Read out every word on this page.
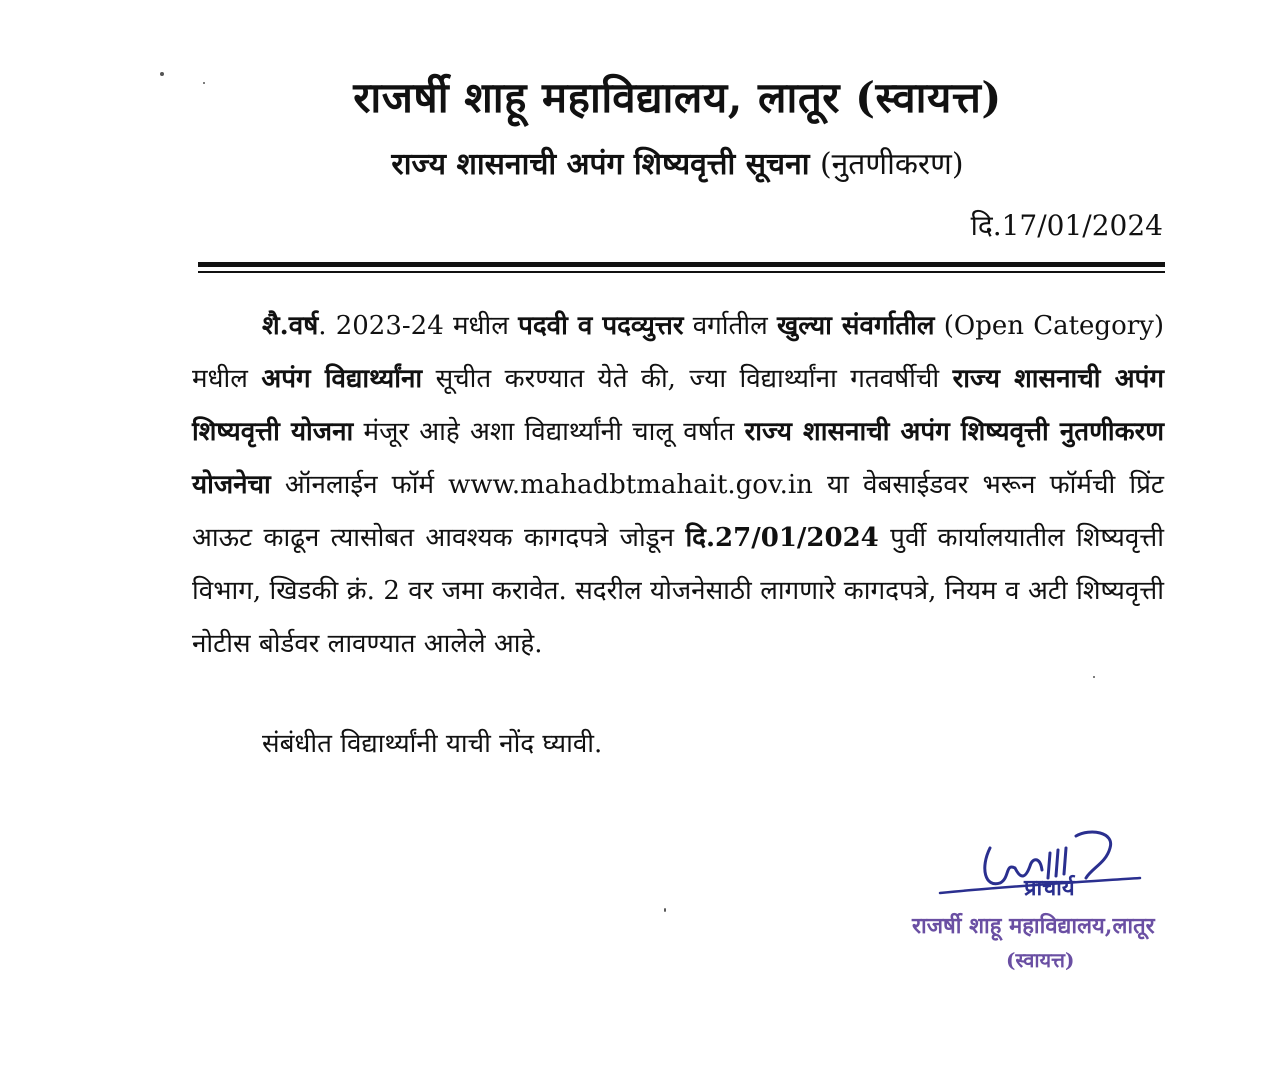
राजर्षी शाहू महाविद्यालय, लातूर (स्वायत्त)
राज्य शासनाची अपंग शिष्यवृत्ती सूचना (नुतणीकरण)
दि.17/01/2024

शै.वर्ष. 2023-24 मधील पदवी व पदव्युत्तर वर्गातील खुल्या संवर्गातील (Open Category) मधील अपंग विद्यार्थ्यांना सूचीत करण्यात येते की, ज्या विद्यार्थ्यांना गतवर्षीची राज्य शासनाची अपंग शिष्यवृत्ती योजना मंजूर आहे अशा विद्यार्थ्यांनी चालू वर्षात राज्य शासनाची अपंग शिष्यवृत्ती नुतणीकरण योजनेचा ऑनलाईन फॉर्म www.mahadbtmahait.gov.in या वेबसाईडवर भरून फॉर्मची प्रिंट आऊट काढून त्यासोबत आवश्यक कागदपत्रे जोडून दि.27/01/2024 पुर्वी कार्यालयातील शिष्यवृत्ती विभाग, खिडकी क्रं. 2 वर जमा करावेत. सदरील योजनेसाठी लागणारे कागदपत्रे, नियम व अटी शिष्यवृत्ती नोटीस बोर्डवर लावण्यात आलेले आहे.

संबंधीत विद्यार्थ्यांनी याची नोंद घ्यावी.
प्राचार्य
राजर्षी शाहू महाविद्यालय,लातूर
(स्वायत्त)
